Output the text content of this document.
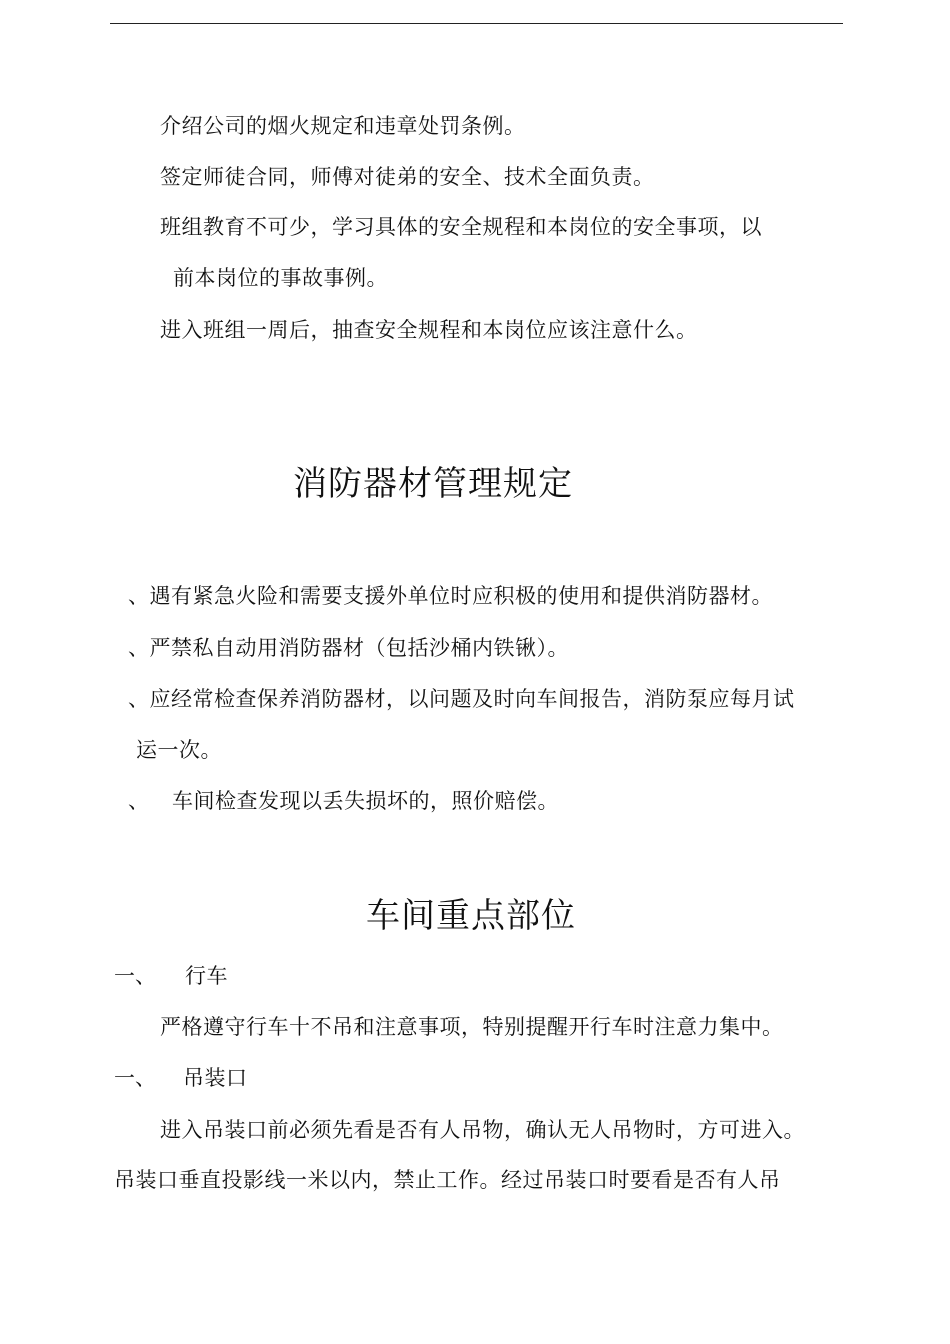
介绍公司的烟火规定和违章处罚条例。
签定师徒合同，师傅对徒弟的安全、技术全面负责。
班组教育不可少，学习具体的安全规程和本岗位的安全事项，以
前本岗位的事故事例。
进入班组一周后，抽查安全规程和本岗位应该注意什么。
消防器材管理规定
、遇有紧急火险和需要支援外单位时应积极的使用和提供消防器材。
、严禁私自动用消防器材（包括沙桶内铁锹）。
、应经常检查保养消防器材，以问题及时向车间报告，消防泵应每月试
运一次。
、 车间检查发现以丢失损坏的，照价赔偿。
车间重点部位
一、 行车
严格遵守行车十不吊和注意事项，特别提醒开行车时注意力集中。
一、 吊装口
进入吊装口前必须先看是否有人吊物，确认无人吊物时，方可进入。
吊装口垂直投影线一米以内，禁止工作。经过吊装口时要看是否有人吊
